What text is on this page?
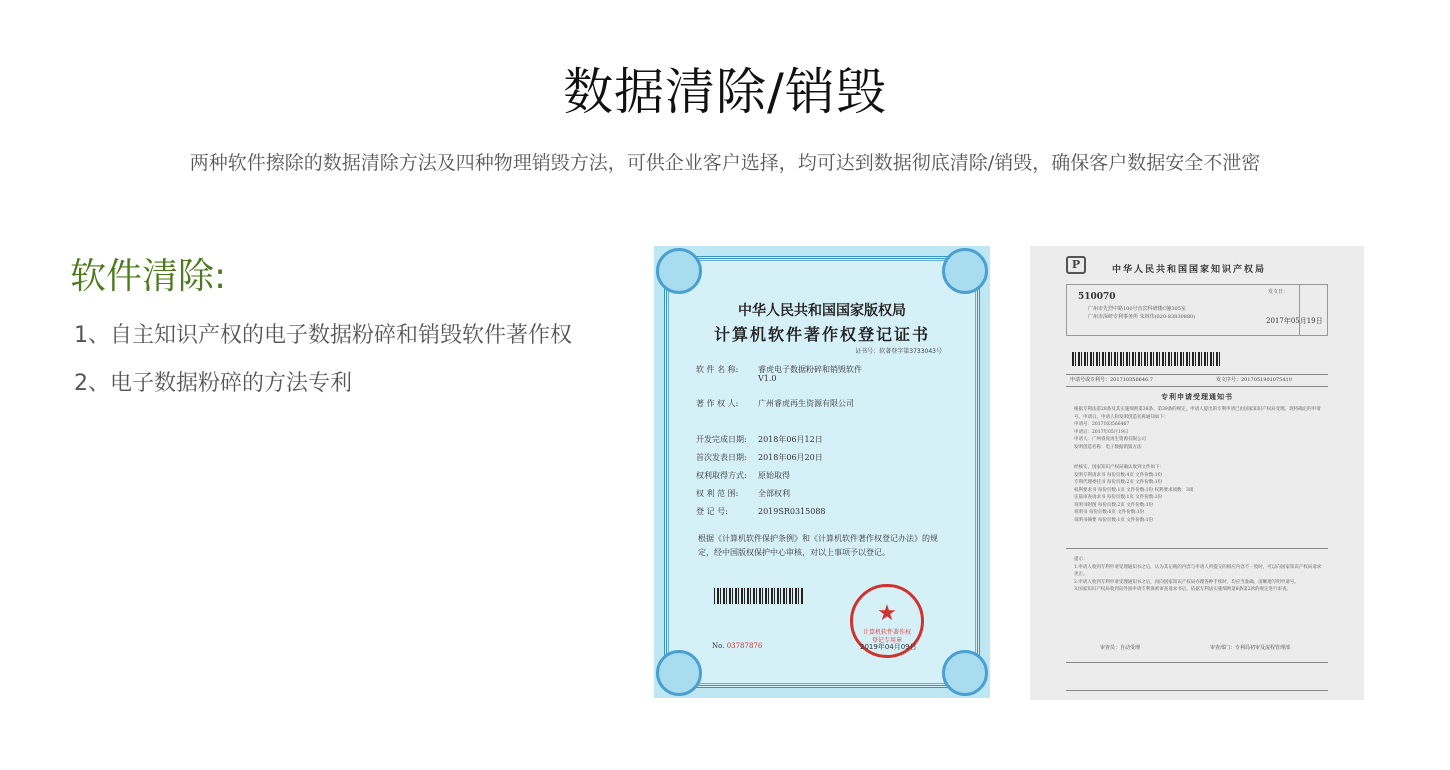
数据清除/销毁
两种软件擦除的数据清除方法及四种物理销毁方法，可供企业客户选择，均可达到数据彻底清除/销毁，确保客户数据安全不泄密
软件清除:
1、自主知识产权的电子数据粉碎和销毁软件著作权
2、电子数据粉碎的方法专利
中华人民共和国国家版权局
计算机软件著作权登记证书
证书号：软著登字第3733043号
软 件 名 称: 睿虎电子数据粉碎和销毁软件
V1.0
著 作 权 人: 广州睿虎再生资源有限公司
开发完成日期: 2018年06月12日
首次发表日期: 2018年06月20日
权利取得方式: 原始取得
权 利 范 围: 全部权利
登 记 号:	2019SR0315088
根据《计算机软件保护条例》和《计算机软件著作权登记办法》的规定，经中国版权保护中心审核，对以上事项予以登记。
★
计算机软件著作权
登记专用章
No. 03787876	2019年04月09日
P	中华人民共和国国家知识产权局
510070
广州市先烈中路100号直宾科研楼C幢305室
广州市深研专利事务所 朱林伟(020-83830880)
发文日：
2017年05月19日
申请号或专利号：201710356646.7	发文序号：2017051901075410
专利申请受理通知书
根据专利法第28条及其实施细则第38条、第39条的规定，申请人提出的专利申请已由国家知识产权局受理。现将确定的申请号、申请日、申请人和发明创造名称通知如下：
申请号：2017103566467
申请日：2017年05月19日
申请人：广州睿虎再生资源有限公司
发明创造名称：电子数据销毁方法
经核实，国家知识产权局确认收到文件如下：
发明专利请求书 每份页数:4页 文件份数:1份
专利代理委托书 每份页数:2页 文件份数:1份
权利要求书 每份页数:1页 文件份数:1份 权利要求项数：3项
实质审查请求书 每份页数:1页 文件份数:1份
说明书附图 每份页数:2页 文件份数:1份
说明书 每份页数:6页 文件份数:1份
说明书摘要 每份页数:1页 文件份数:1份
提示：
1.申请人收到专利申请受理通知书之后，认为其记载的内容与申请人所提交的相应内容不一致时，可以向国家知识产权局请求更正。
2.申请人收到专利申请受理通知书之后，再向国家知识产权局办理各种手续时，均应当准确、清晰地写明申请号。
3.国家知识产权局收到向外国申请专利保密审查请求书后，依据专利法实施细则第8条第2款的规定进行审查。
审查员：自动受理	审查部门：专利局初审及流程管理部
